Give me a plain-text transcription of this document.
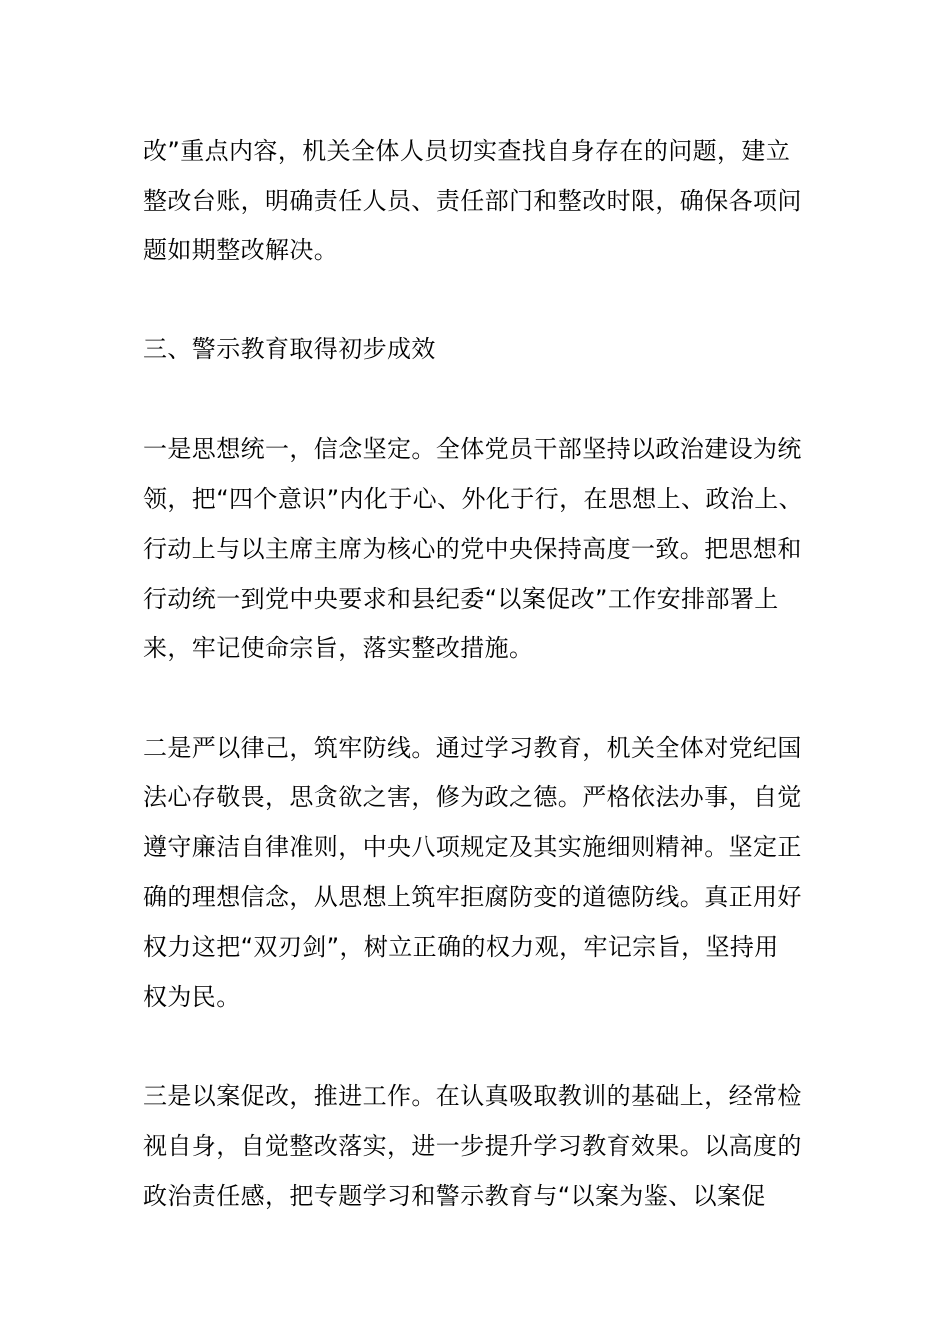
改”重点内容，机关全体人员切实查找自身存在的问题，建立
整改台账，明确责任人员、责任部门和整改时限，确保各项问
题如期整改解决。
三、警示教育取得初步成效
一是思想统一，信念坚定。全体党员干部坚持以政治建设为统
领，把“四个意识”内化于心、外化于行，在思想上、政治上、
行动上与以主席主席为核心的党中央保持高度一致。把思想和
行动统一到党中央要求和县纪委“以案促改”工作安排部署上
来，牢记使命宗旨，落实整改措施。
二是严以律己，筑牢防线。通过学习教育，机关全体对党纪国
法心存敬畏，思贪欲之害，修为政之德。严格依法办事，自觉
遵守廉洁自律准则，中央八项规定及其实施细则精神。坚定正
确的理想信念，从思想上筑牢拒腐防变的道德防线。真正用好
权力这把“双刃剑”，树立正确的权力观，牢记宗旨，坚持用
权为民。
三是以案促改，推进工作。在认真吸取教训的基础上，经常检
视自身，自觉整改落实，进一步提升学习教育效果。以高度的
政治责任感，把专题学习和警示教育与“以案为鉴、以案促
